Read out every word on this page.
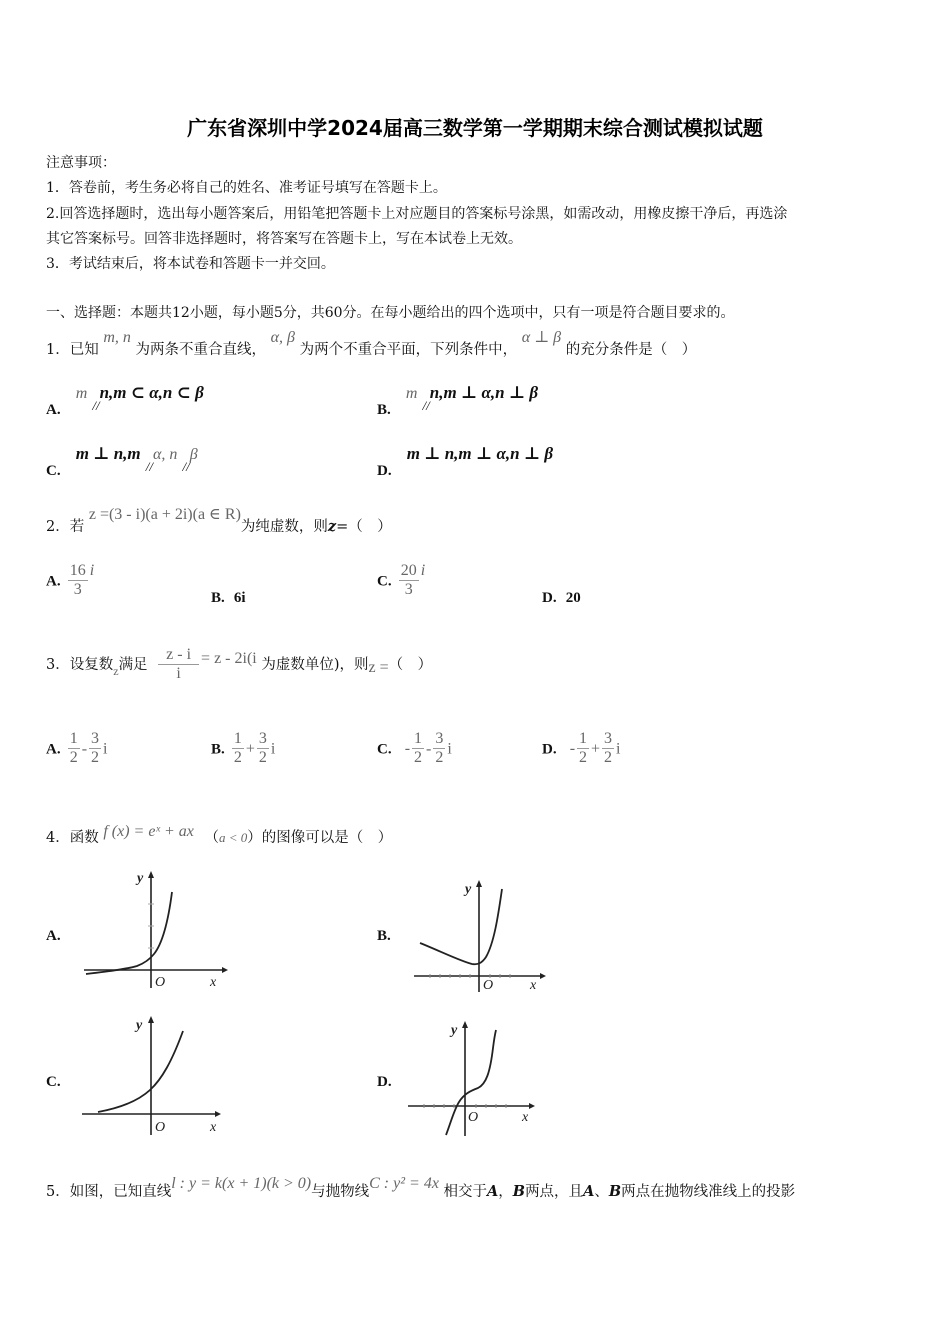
广东省深圳中学2024届高三数学第一学期期末综合测试模拟试题
注意事项：
1．答卷前，考生务必将自己的姓名、准考证号填写在答题卡上。
2.回答选择题时，选出每小题答案后，用铅笔把答题卡上对应题目的答案标号涂黑，如需改动，用橡皮擦干净后，再选涂
其它答案标号。回答非选择题时，将答案写在答题卡上，写在本试卷上无效。
3．考试结束后，将本试卷和答题卡一并交回。
一、选择题：本题共12小题，每小题5分，共60分。在每小题给出的四个选项中，只有一项是符合题目要求的。
1．已知 m, n 为两条不重合直线， α, β 为两个不重合平面，下列条件中， α ⊥ β 的充分条件是（　）
A. m $_{//}$n,m ⊂ α,n ⊂ β
B. m $_{//}$n,m ⊥ α,n ⊥ β
C. m ⊥ n,m $_{//}$α, n $_{//}$β
D. m ⊥ n,m ⊥ α,n ⊥ β
2．若 z =(3 - i)(a + 2i)(a ∈ R)为纯虚数，则z=（　）
A. $\frac{16}{3}$ i
B. 6i
C. $\frac{20}{3}$ i
D. 20
3．设复数$_z$满足 $\frac{z - i}{i} = z - 2i(i$ 为虚数单位)，则z =（　）
A. $\frac{1}{2} - \frac{3}{2}$ i	B. $\frac{1}{2} + \frac{3}{2}$ i	C. - $\frac{1}{2} - \frac{3}{2}$ i	D. - $\frac{1}{2} + \frac{3}{2}$ i
4．函数 f (x) = eˣ + ax （a < 0）的图像可以是（　）
A.
y
O	x
B.
y
O	x
C.
y
O	x
D.
y
O	x
5．如图，已知直线l : y = k(x + 1)(k > 0)与抛物线C : y² = 4x 相交于A，B两点，且A、B两点在抛物线准线上的投影
